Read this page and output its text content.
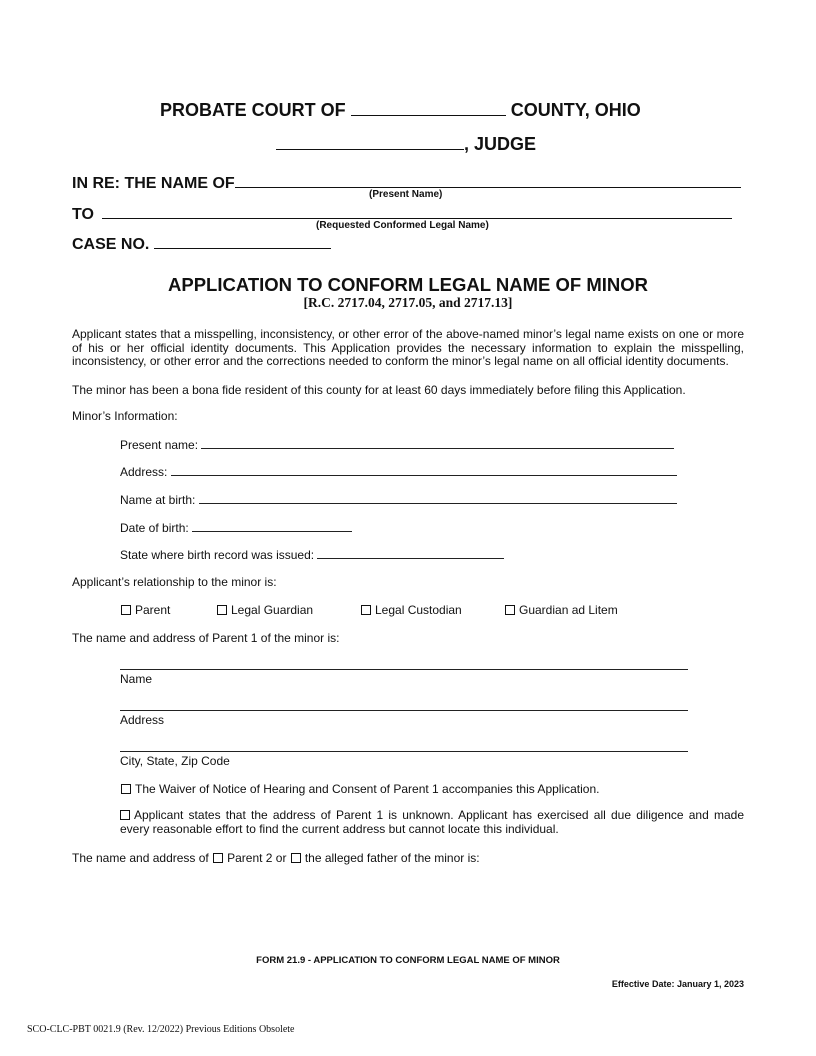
PROBATE COURT OF	COUNTY, OHIO
, JUDGE
IN RE: THE NAME OF
(Present Name)
TO
(Requested Conformed Legal Name)
CASE NO.
APPLICATION TO CONFORM LEGAL NAME OF MINOR
[R.C. 2717.04, 2717.05, and 2717.13]
Applicant states that a misspelling, inconsistency, or other error of the above-named minor’s legal name exists on one or more of his or her official identity documents. This Application provides the necessary information to explain the misspelling, inconsistency, or other error and the corrections needed to conform the minor’s legal name on all official identity documents.
The minor has been a bona fide resident of this county for at least 60 days immediately before filing this Application.
Minor’s Information:
Present name:
Address:
Name at birth:
Date of birth:
State where birth record was issued:
Applicant’s relationship to the minor is:
Parent	Legal Guardian	Legal Custodian	Guardian ad Litem
The name and address of Parent 1 of the minor is:
Name
Address
City, State, Zip Code
The Waiver of Notice of Hearing and Consent of Parent 1 accompanies this Application.
Applicant states that the address of Parent 1 is unknown. Applicant has exercised all due diligence and made every reasonable effort to find the current address but cannot locate this individual.
The name and address of Parent 2 or the alleged father of the minor is:
FORM 21.9 - APPLICATION TO CONFORM LEGAL NAME OF MINOR
Effective Date: January 1, 2023
SCO-CLC-PBT 0021.9 (Rev. 12/2022) Previous Editions Obsolete
